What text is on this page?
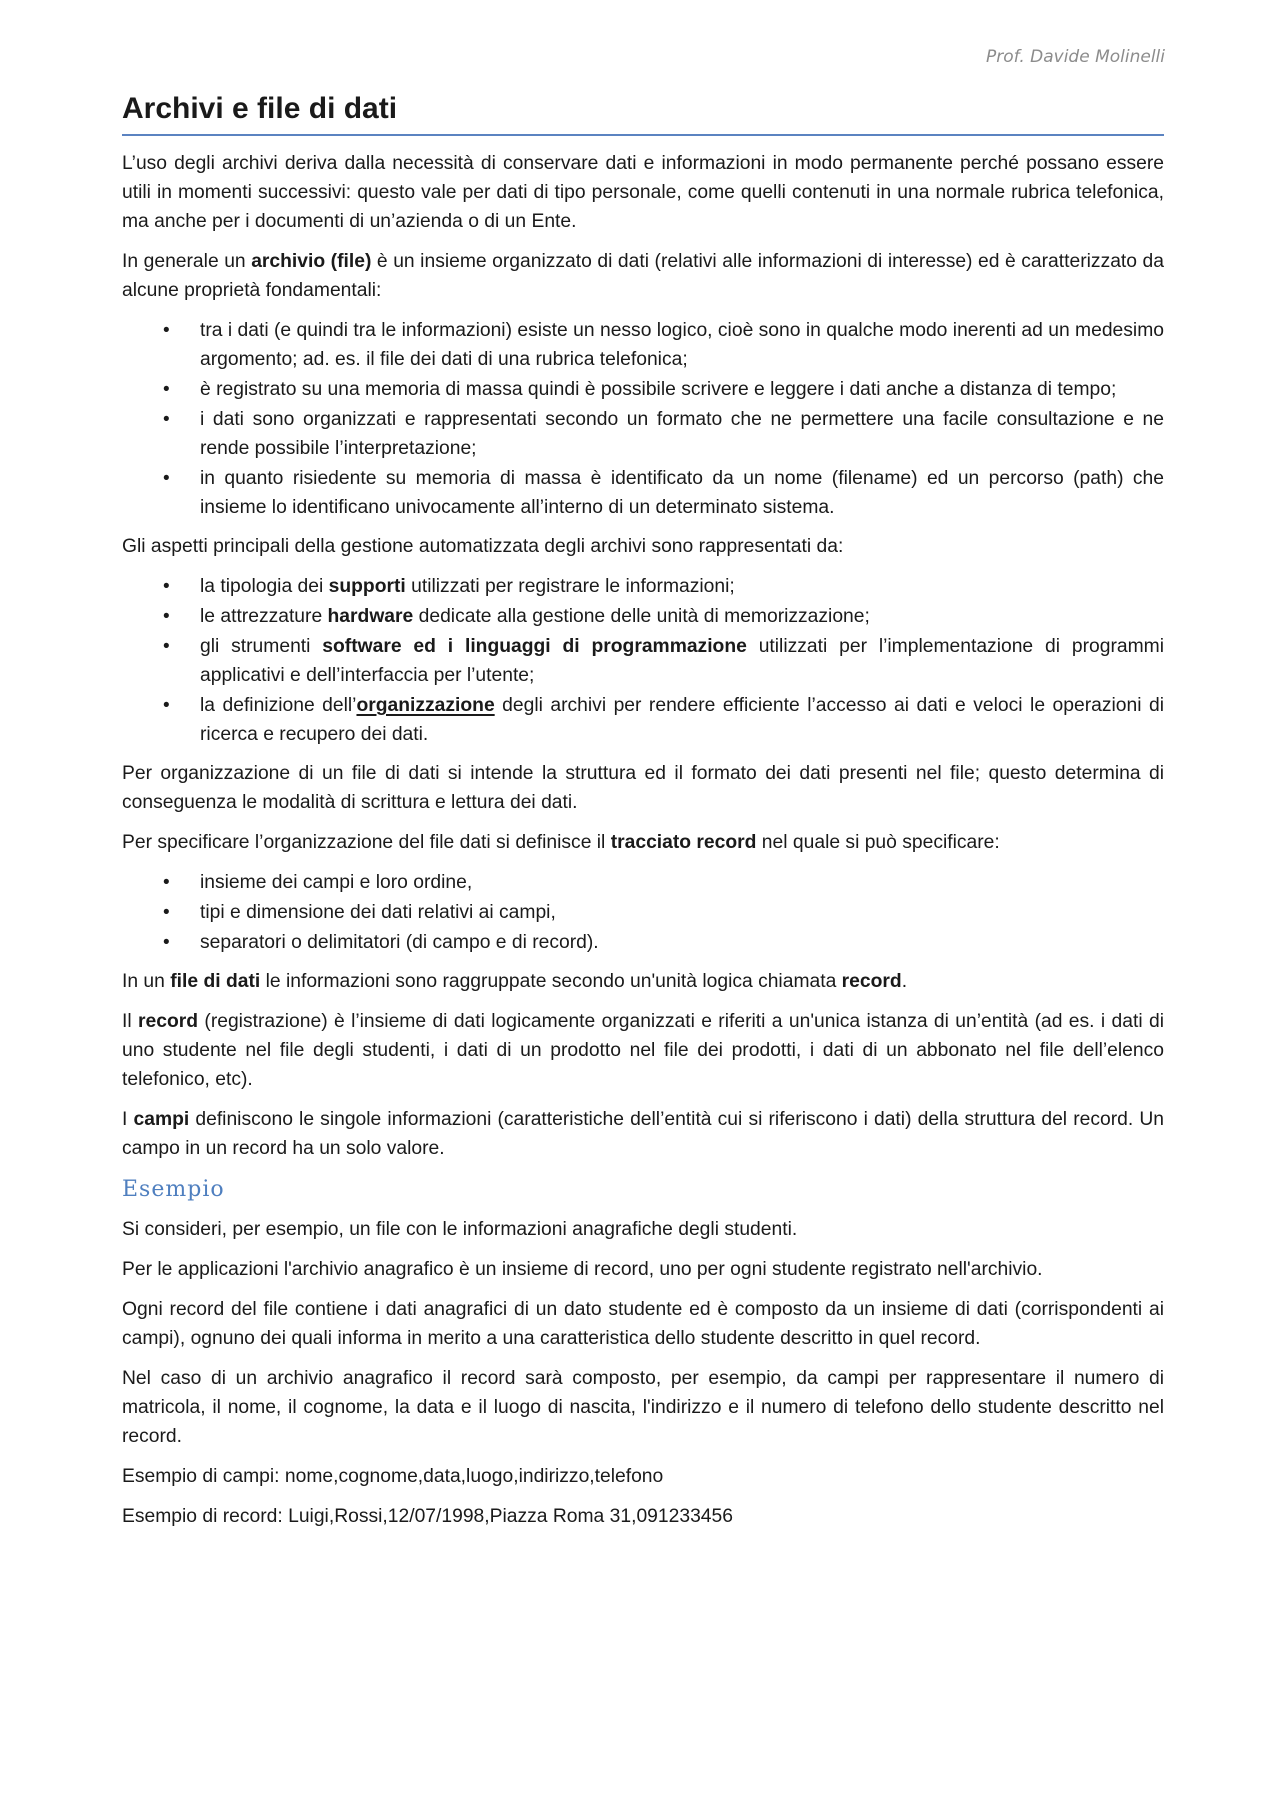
Prof. Davide Molinelli
Archivi e file di dati

L’uso degli archivi deriva dalla necessità di conservare dati e informazioni in modo permanente perché possano essere utili in momenti successivi: questo vale per dati di tipo personale, come quelli contenuti in una normale rubrica telefonica, ma anche per i documenti di un’azienda o di un Ente.

In generale un archivio (file) è un insieme organizzato di dati (relativi alle informazioni di interesse) ed è caratterizzato da alcune proprietà fondamentali:

• tra i dati (e quindi tra le informazioni) esiste un nesso logico, cioè sono in qualche modo inerenti ad un medesimo argomento; ad. es. il file dei dati di una rubrica telefonica;
• è registrato su una memoria di massa quindi è possibile scrivere e leggere i dati anche a distanza di tempo;
• i dati sono organizzati e rappresentati secondo un formato che ne permettere una facile consultazione e ne rende possibile l’interpretazione;
• in quanto risiedente su memoria di massa è identificato da un nome (filename) ed un percorso (path) che insieme lo identificano univocamente all’interno di un determinato sistema.

Gli aspetti principali della gestione automatizzata degli archivi sono rappresentati da:

• la tipologia dei supporti utilizzati per registrare le informazioni;
• le attrezzature hardware dedicate alla gestione delle unità di memorizzazione;
• gli strumenti software ed i linguaggi di programmazione utilizzati per l’implementazione di programmi applicativi e dell’interfaccia per l’utente;
• la definizione dell’organizzazione degli archivi per rendere efficiente l’accesso ai dati e veloci le operazioni di ricerca e recupero dei dati.

Per organizzazione di un file di dati si intende la struttura ed il formato dei dati presenti nel file; questo determina di conseguenza le modalità di scrittura e lettura dei dati.

Per specificare l’organizzazione del file dati si definisce il tracciato record nel quale si può specificare:

• insieme dei campi e loro ordine,
• tipi e dimensione dei dati relativi ai campi,
• separatori o delimitatori (di campo e di record).

In un file di dati le informazioni sono raggruppate secondo un'unità logica chiamata record.

Il record (registrazione) è l’insieme di dati logicamente organizzati e riferiti a un'unica istanza di un’entità (ad es. i dati di uno studente nel file degli studenti, i dati di un prodotto nel file dei prodotti, i dati di un abbonato nel file dell’elenco telefonico, etc).

I campi definiscono le singole informazioni (caratteristiche dell’entità cui si riferiscono i dati) della struttura del record. Un campo in un record ha un solo valore.

Esempio

Si consideri, per esempio, un file con le informazioni anagrafiche degli studenti.

Per le applicazioni l'archivio anagrafico è un insieme di record, uno per ogni studente registrato nell'archivio.

Ogni record del file contiene i dati anagrafici di un dato studente ed è composto da un insieme di dati (corrispondenti ai campi), ognuno dei quali informa in merito a una caratteristica dello studente descritto in quel record.

Nel caso di un archivio anagrafico il record sarà composto, per esempio, da campi per rappresentare il numero di matricola, il nome, il cognome, la data e il luogo di nascita, l'indirizzo e il numero di telefono dello studente descritto nel record.

Esempio di campi: nome,cognome,data,luogo,indirizzo,telefono

Esempio di record: Luigi,Rossi,12/07/1998,Piazza Roma 31,091233456
